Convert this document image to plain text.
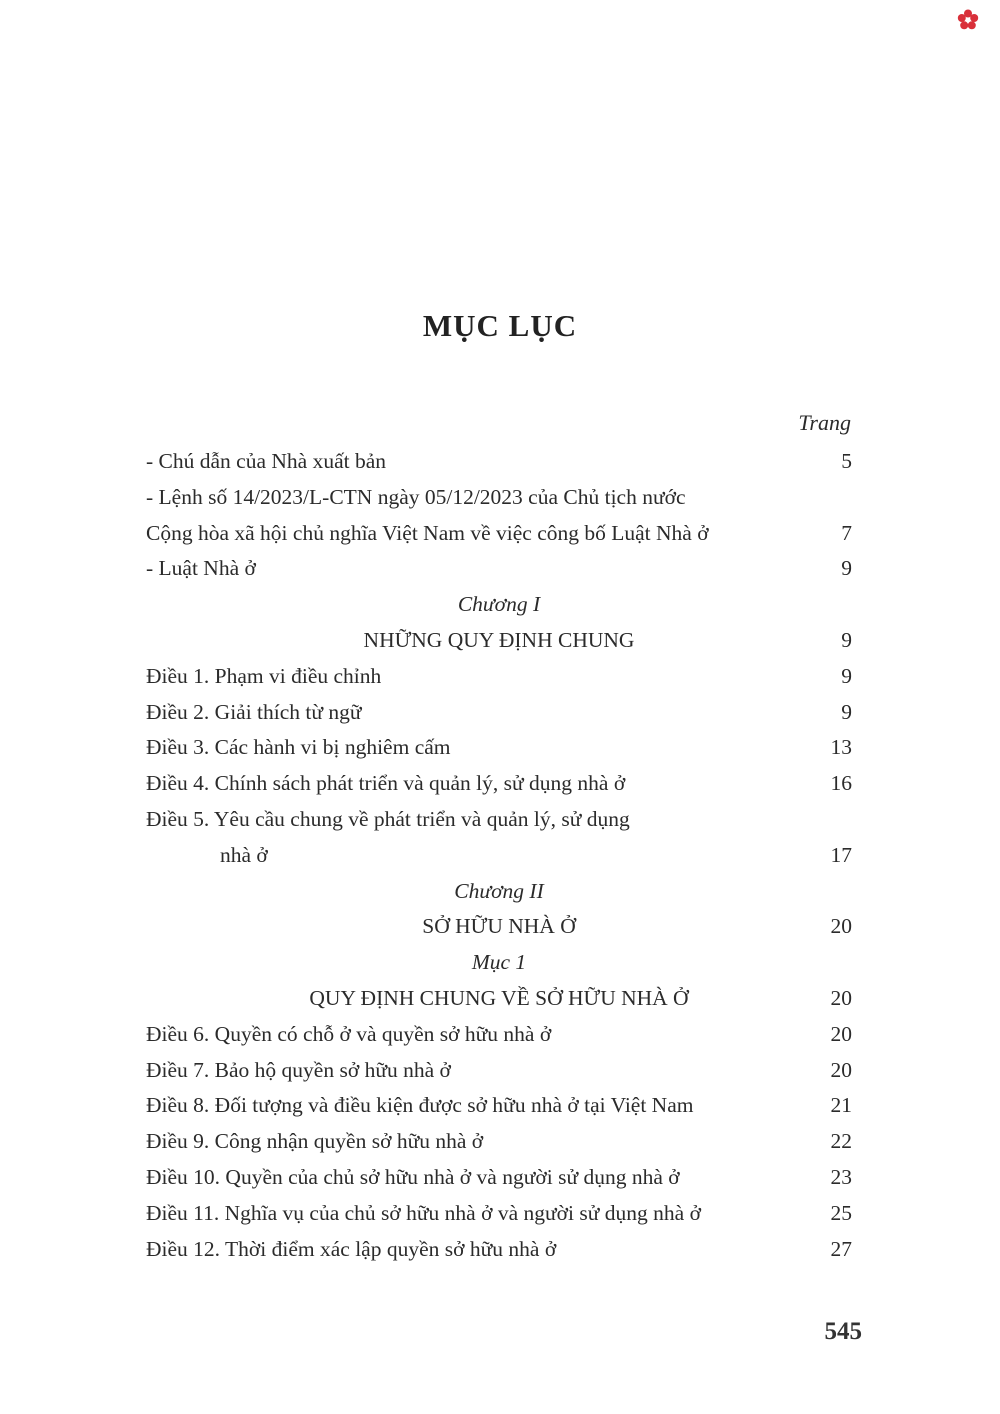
MỤC LỤC
Trang
- Chú dẫn của Nhà xuất bản	5
- Lệnh số 14/2023/L-CTN ngày 05/12/2023 của Chủ tịch nước
Cộng hòa xã hội chủ nghĩa Việt Nam về việc công bố Luật Nhà ở	7
- Luật Nhà ở	9
Chương I
NHỮNG QUY ĐỊNH CHUNG	9
Điều 1. Phạm vi điều chỉnh	9
Điều 2. Giải thích từ ngữ	9
Điều 3. Các hành vi bị nghiêm cấm	13
Điều 4. Chính sách phát triển và quản lý, sử dụng nhà ở	16
Điều 5. Yêu cầu chung về phát triển và quản lý, sử dụng
nhà ở	17
Chương II
SỞ HỮU NHÀ Ở	20
Mục 1
QUY ĐỊNH CHUNG VỀ SỞ HỮU NHÀ Ở	20
Điều 6. Quyền có chỗ ở và quyền sở hữu nhà ở	20
Điều 7. Bảo hộ quyền sở hữu nhà ở	20
Điều 8. Đối tượng và điều kiện được sở hữu nhà ở tại Việt Nam	21
Điều 9. Công nhận quyền sở hữu nhà ở	22
Điều 10. Quyền của chủ sở hữu nhà ở và người sử dụng nhà ở	23
Điều 11. Nghĩa vụ của chủ sở hữu nhà ở và người sử dụng nhà ở	25
Điều 12. Thời điểm xác lập quyền sở hữu nhà ở	27
545
